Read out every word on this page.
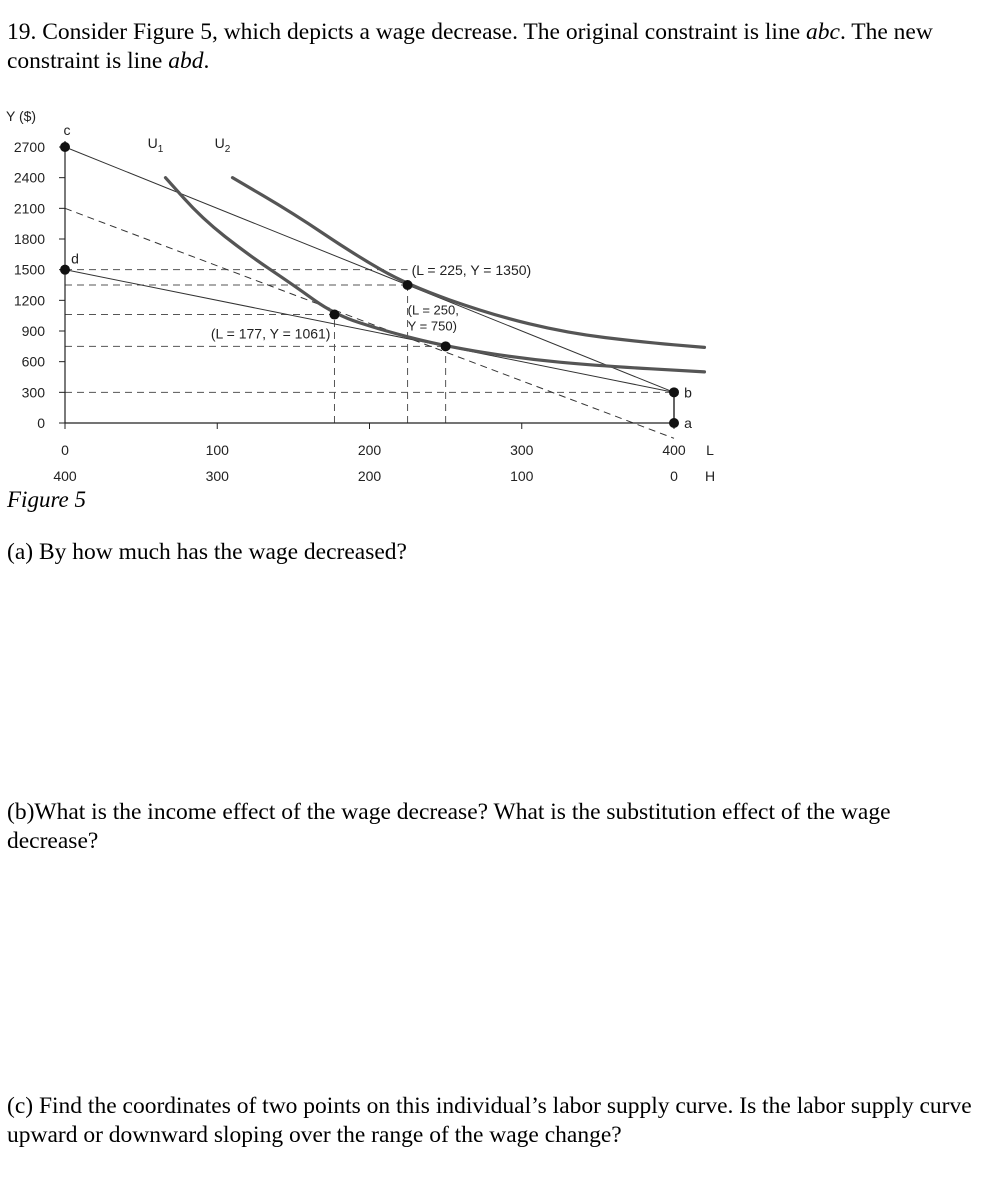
19. Consider Figure 5, which depicts a wage decrease. The original constraint is line abc. The new
constraint is line abd.

0
300
600
900
1200
1500
1800
2100
2400
2700
Y ($)
0	100	200	300	400
400	300	200	100	0
L
H
$U_1$	$U_2$
c
d
b
a
(L = 225, Y = 1350)
(L = 177, Y = 1061)
(L = 250,
Y = 750)
Figure 5

(a) By how much has the wage decreased?

(b)What is the income effect of the wage decrease? What is the substitution effect of the wage decrease?

(c) Find the coordinates of two points on this individual’s labor supply curve. Is the labor supply curve upward or downward sloping over the range of the wage change?
